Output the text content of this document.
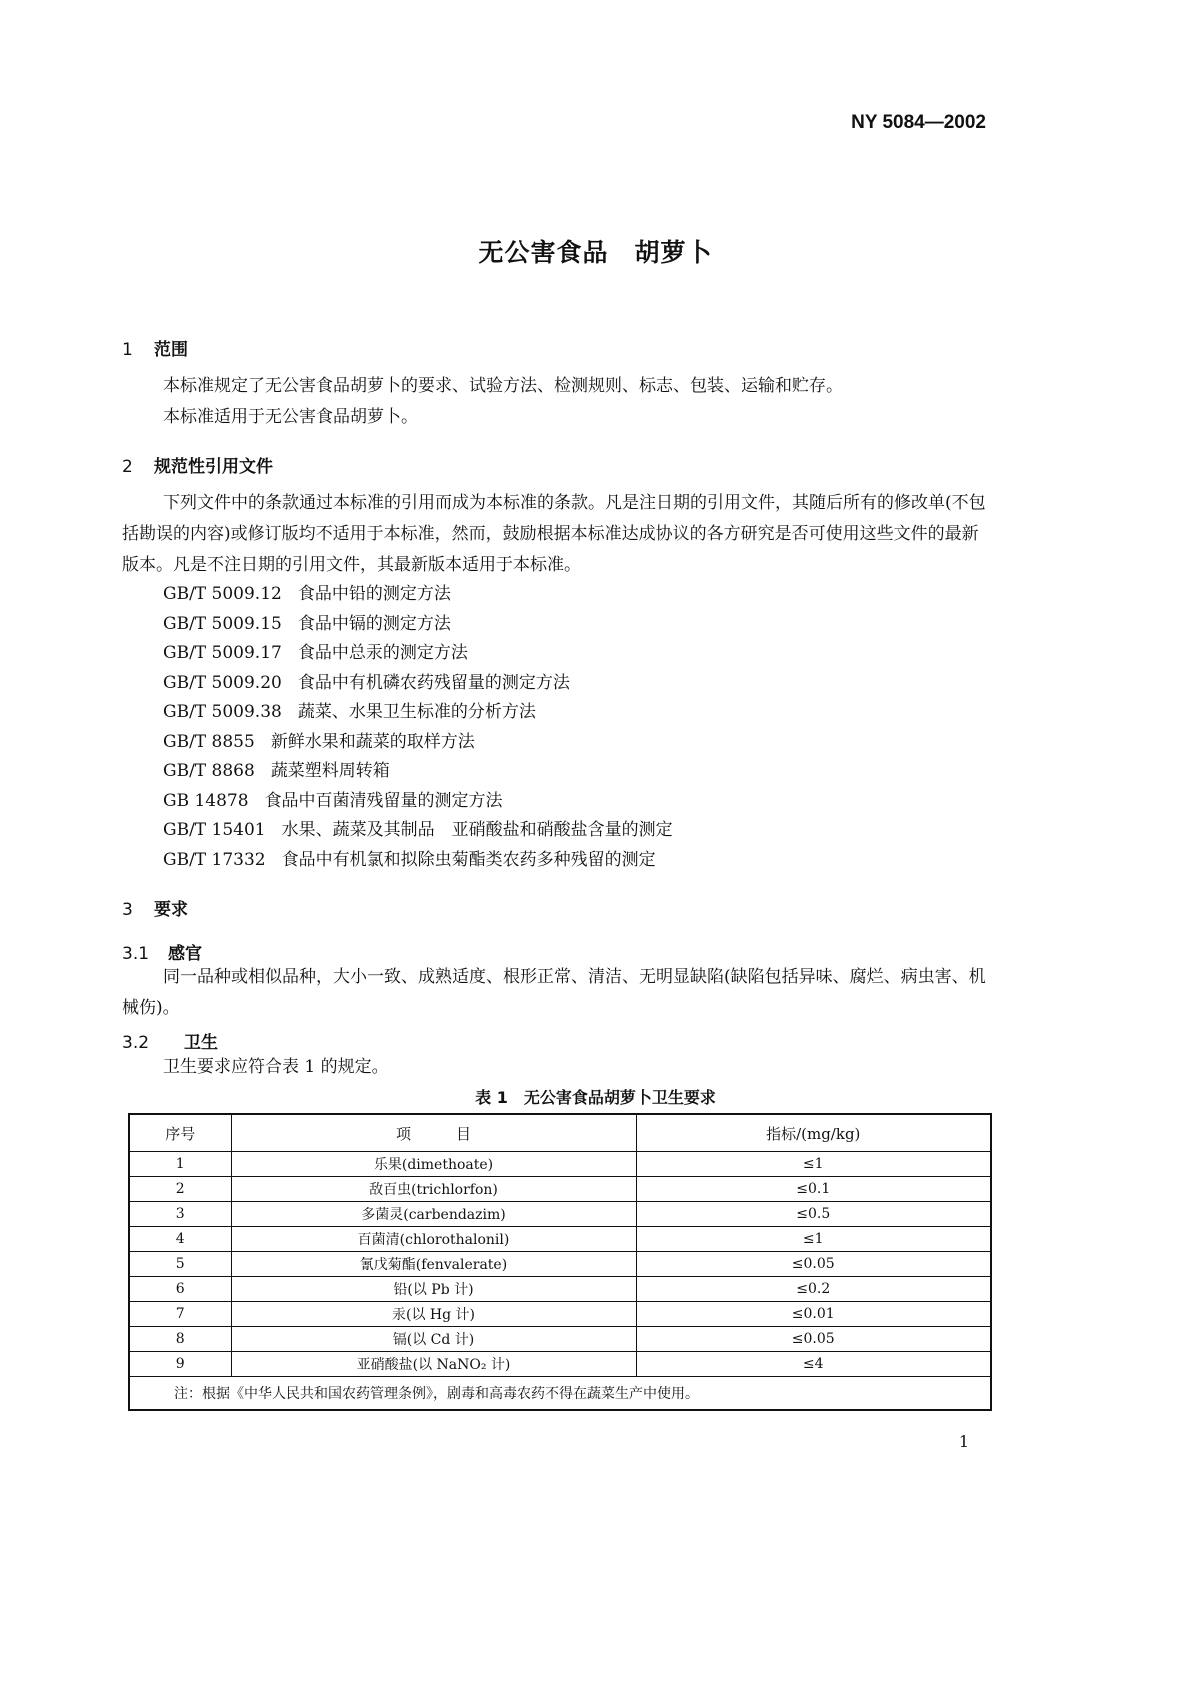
NY 5084—2002
无公害食品　胡萝卜
1 范围
本标准规定了无公害食品胡萝卜的要求、试验方法、检测规则、标志、包装、运输和贮存。
本标准适用于无公害食品胡萝卜。
2 规范性引用文件
下列文件中的条款通过本标准的引用而成为本标准的条款。凡是注日期的引用文件，其随后所有的修改单(不包括勘误的内容)或修订版均不适用于本标准，然而，鼓励根据本标准达成协议的各方研究是否可使用这些文件的最新版本。凡是不注日期的引用文件，其最新版本适用于本标准。
GB/T 5009.12 食品中铅的测定方法
GB/T 5009.15 食品中镉的测定方法
GB/T 5009.17 食品中总汞的测定方法
GB/T 5009.20 食品中有机磷农药残留量的测定方法
GB/T 5009.38 蔬菜、水果卫生标准的分析方法
GB/T 8855 新鲜水果和蔬菜的取样方法
GB/T 8868 蔬菜塑料周转箱
GB 14878 食品中百菌清残留量的测定方法
GB/T 15401 水果、蔬菜及其制品　亚硝酸盐和硝酸盐含量的测定
GB/T 17332 食品中有机氯和拟除虫菊酯类农药多种残留的测定
3 要求
3.1 感官
同一品种或相似品种，大小一致、成熟适度、根形正常、清洁、无明显缺陷(缺陷包括异味、腐烂、病虫害、机械伤)。
3.2 卫生
卫生要求应符合表 1 的规定。
表 1　无公害食品胡萝卜卫生要求
序号	项　　　目	指标/(mg/kg)
1	乐果(dimethoate)	≤1
2	敌百虫(trichlorfon)	≤0.1
3	多菌灵(carbendazim)	≤0.5
4	百菌清(chlorothalonil)	≤1
5	氰戊菊酯(fenvalerate)	≤0.05
6	铅(以 Pb 计)	≤0.2
7	汞(以 Hg 计)	≤0.01
8	镉(以 Cd 计)	≤0.05
9	亚硝酸盐(以 NaNO₂ 计)	≤4
注：根据《中华人民共和国农药管理条例》，剧毒和高毒农药不得在蔬菜生产中使用。		
1
